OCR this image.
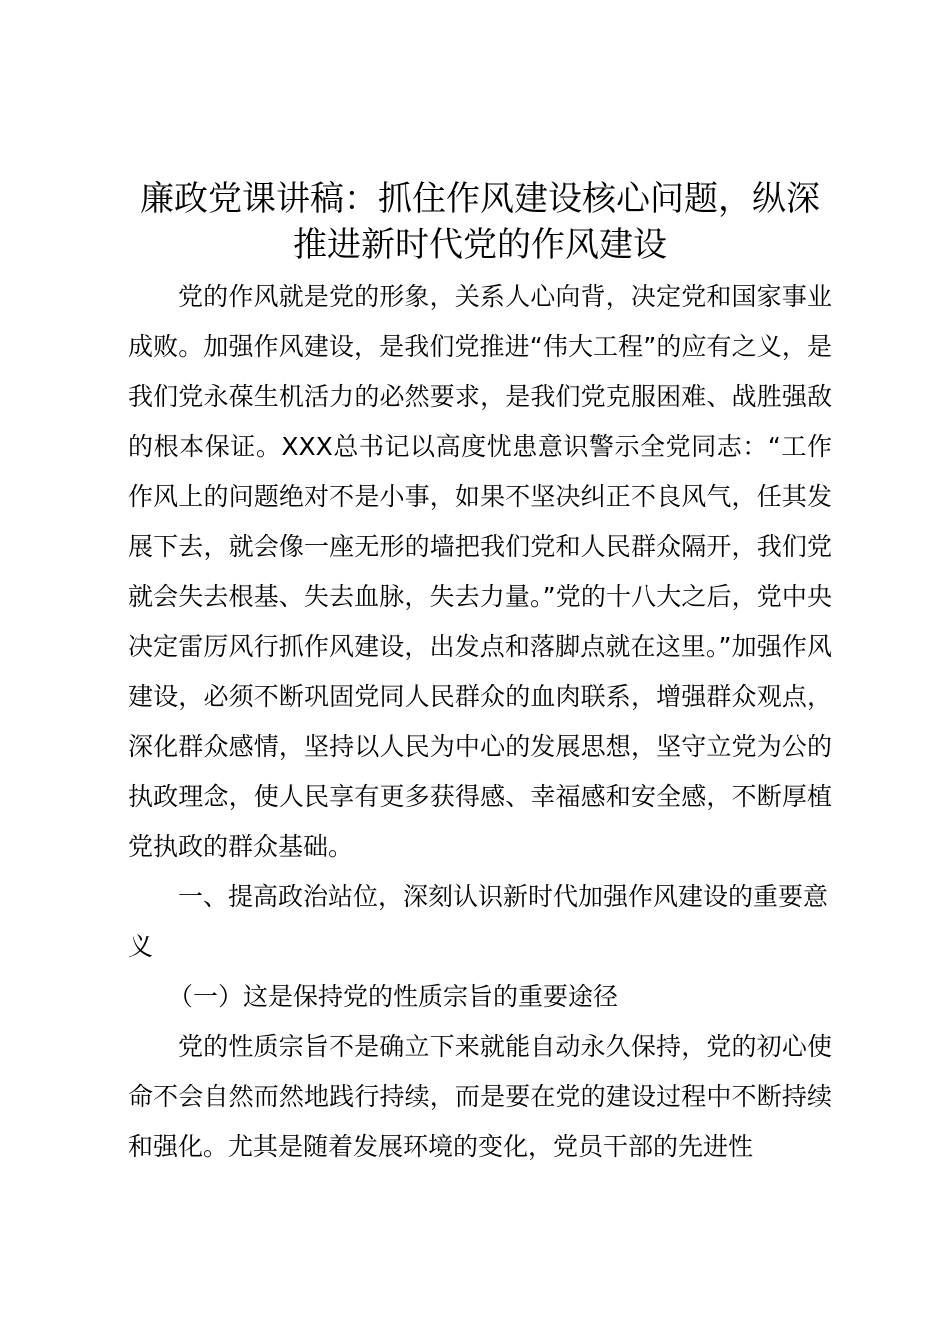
廉政党课讲稿：抓住作风建设核心问题，纵深推进新时代党的作风建设

党的作风就是党的形象，关系人心向背，决定党和国家事业成败。加强作风建设，是我们党推进“伟大工程”的应有之义，是我们党永葆生机活力的必然要求，是我们党克服困难、战胜强敌的根本保证。XXX总书记以高度忧患意识警示全党同志：“工作作风上的问题绝对不是小事，如果不坚决纠正不良风气，任其发展下去，就会像一座无形的墙把我们党和人民群众隔开，我们党就会失去根基、失去血脉，失去力量。”党的十八大之后，党中央决定雷厉风行抓作风建设，出发点和落脚点就在这里。”加强作风建设，必须不断巩固党同人民群众的血肉联系，增强群众观点，深化群众感情，坚持以人民为中心的发展思想，坚守立党为公的执政理念，使人民享有更多获得感、幸福感和安全感，不断厚植党执政的群众基础。

一、提高政治站位，深刻认识新时代加强作风建设的重要意义

（一）这是保持党的性质宗旨的重要途径

党的性质宗旨不是确立下来就能自动永久保持，党的初心使命不会自然而然地践行持续，而是要在党的建设过程中不断持续和强化。尤其是随着发展环境的变化，党员干部的先进性
